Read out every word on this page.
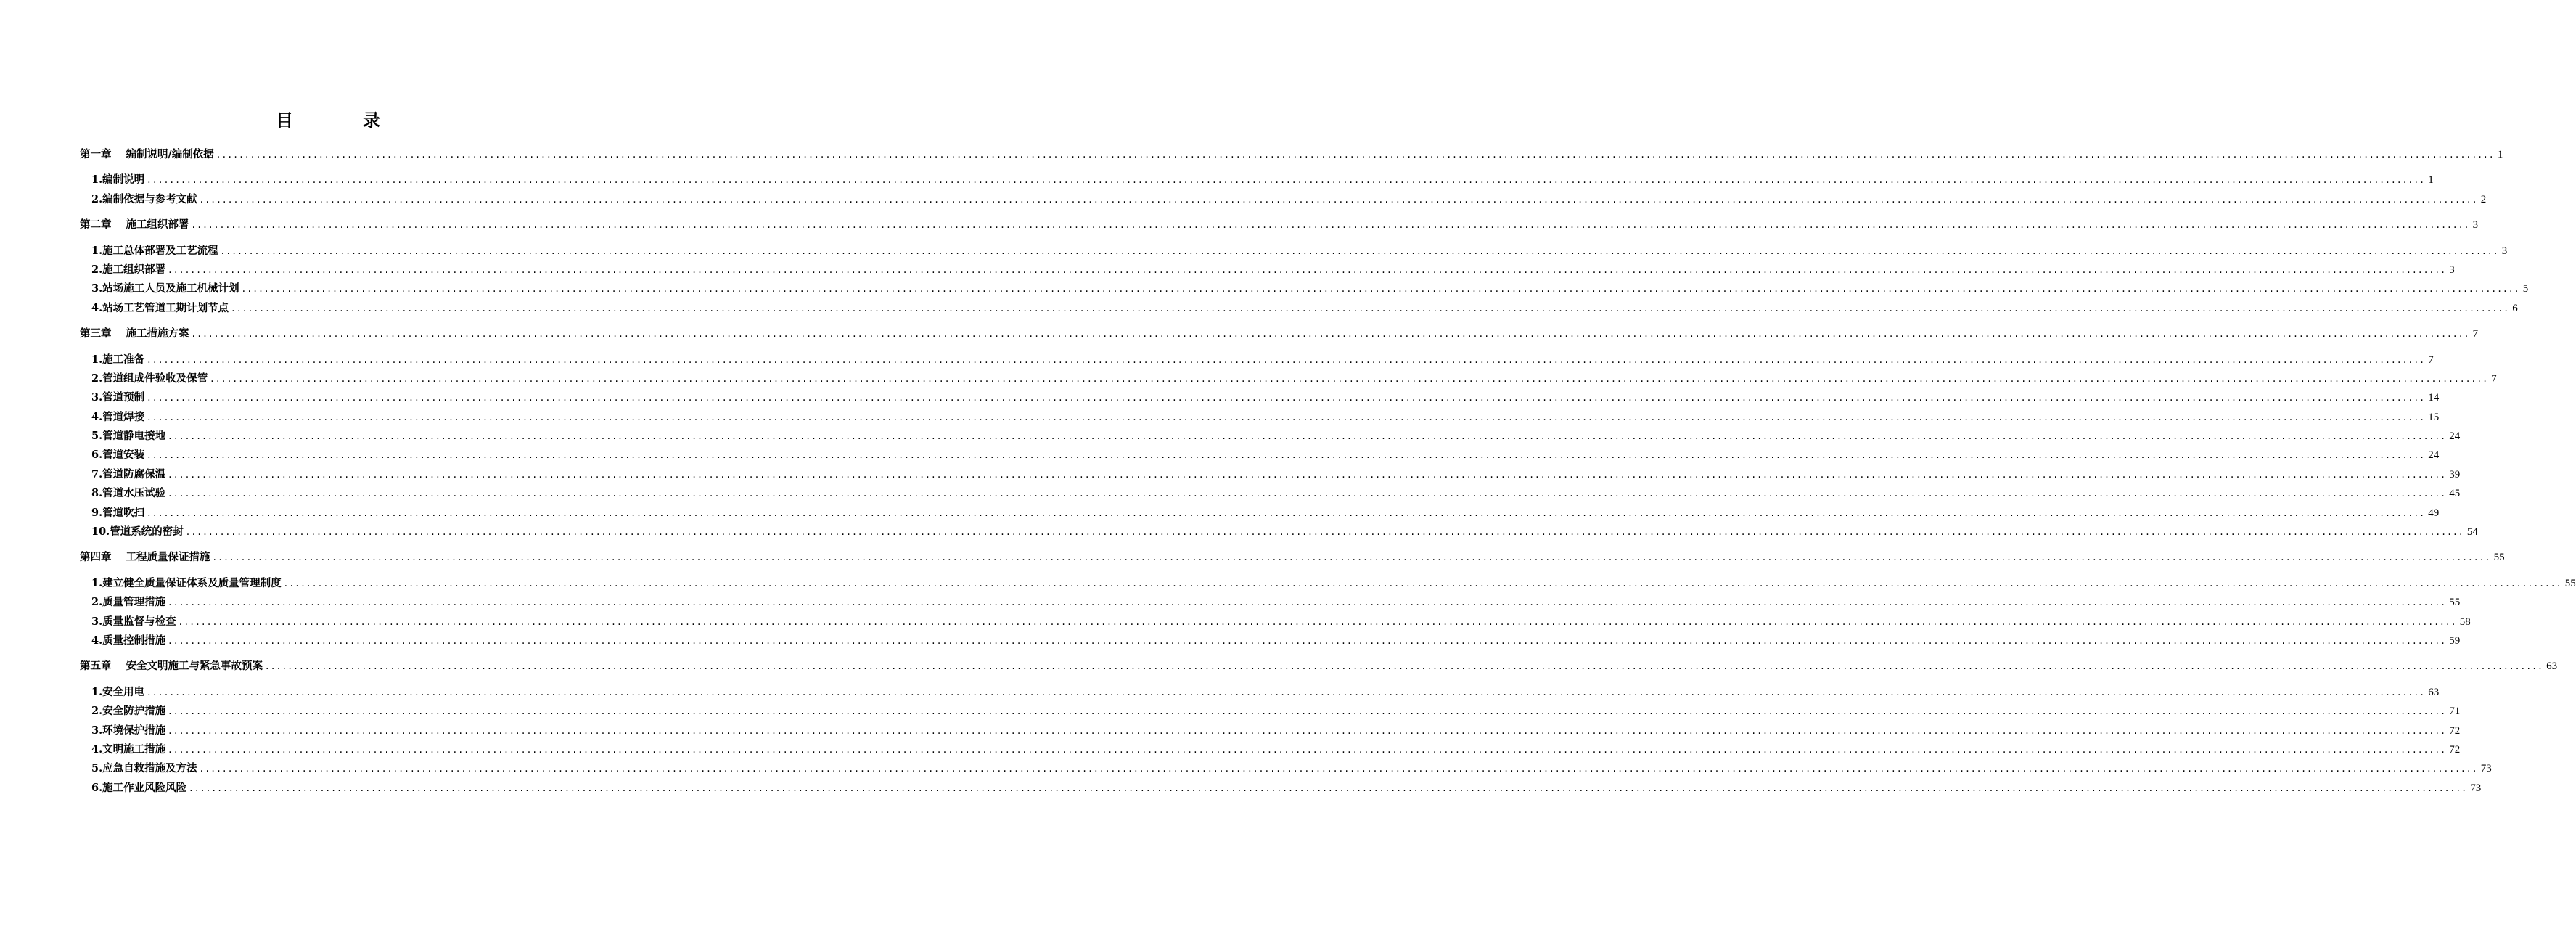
目　录
第一章 编制说明/编制依据 ................................................................................................................................................................................................................................................................................................................................................................................................................ 1
1.编制说明 ................................................................................................................................................................................................................................................................................................................................................................................................................ 1
2.编制依据与参考文献 ................................................................................................................................................................................................................................................................................................................................................................................................................ 2
第二章 施工组织部署 ................................................................................................................................................................................................................................................................................................................................................................................................................ 3
1.施工总体部署及工艺流程 ................................................................................................................................................................................................................................................................................................................................................................................................................ 3
2.施工组织部署 ................................................................................................................................................................................................................................................................................................................................................................................................................ 3
3.站场施工人员及施工机械计划 ................................................................................................................................................................................................................................................................................................................................................................................................................ 5
4.站场工艺管道工期计划节点 ................................................................................................................................................................................................................................................................................................................................................................................................................ 6
第三章 施工措施方案 ................................................................................................................................................................................................................................................................................................................................................................................................................ 7
1.施工准备 ................................................................................................................................................................................................................................................................................................................................................................................................................ 7
2.管道组成件验收及保管 ................................................................................................................................................................................................................................................................................................................................................................................................................ 7
3.管道预制 ................................................................................................................................................................................................................................................................................................................................................................................................................ 14
4.管道焊接 ................................................................................................................................................................................................................................................................................................................................................................................................................ 15
5.管道静电接地 ................................................................................................................................................................................................................................................................................................................................................................................................................ 24
6.管道安装 ................................................................................................................................................................................................................................................................................................................................................................................................................ 24
7.管道防腐保温 ................................................................................................................................................................................................................................................................................................................................................................................................................ 39
8.管道水压试验 ................................................................................................................................................................................................................................................................................................................................................................................................................ 45
9.管道吹扫 ................................................................................................................................................................................................................................................................................................................................................................................................................ 49
10.管道系统的密封 ................................................................................................................................................................................................................................................................................................................................................................................................................ 54
第四章 工程质量保证措施 ................................................................................................................................................................................................................................................................................................................................................................................................................ 55
1.建立健全质量保证体系及质量管理制度 ................................................................................................................................................................................................................................................................................................................................................................................................................ 55
2.质量管理措施 ................................................................................................................................................................................................................................................................................................................................................................................................................ 55
3.质量监督与检查 ................................................................................................................................................................................................................................................................................................................................................................................................................ 58
4.质量控制措施 ................................................................................................................................................................................................................................................................................................................................................................................................................ 59
第五章 安全文明施工与紧急事故预案 ................................................................................................................................................................................................................................................................................................................................................................................................................ 63
1.安全用电 ................................................................................................................................................................................................................................................................................................................................................................................................................ 63
2.安全防护措施 ................................................................................................................................................................................................................................................................................................................................................................................................................ 71
3.环境保护措施 ................................................................................................................................................................................................................................................................................................................................................................................................................ 72
4.文明施工措施 ................................................................................................................................................................................................................................................................................................................................................................................................................ 72
5.应急自救措施及方法 ................................................................................................................................................................................................................................................................................................................................................................................................................ 73
6.施工作业风险风险 ................................................................................................................................................................................................................................................................................................................................................................................................................ 73
